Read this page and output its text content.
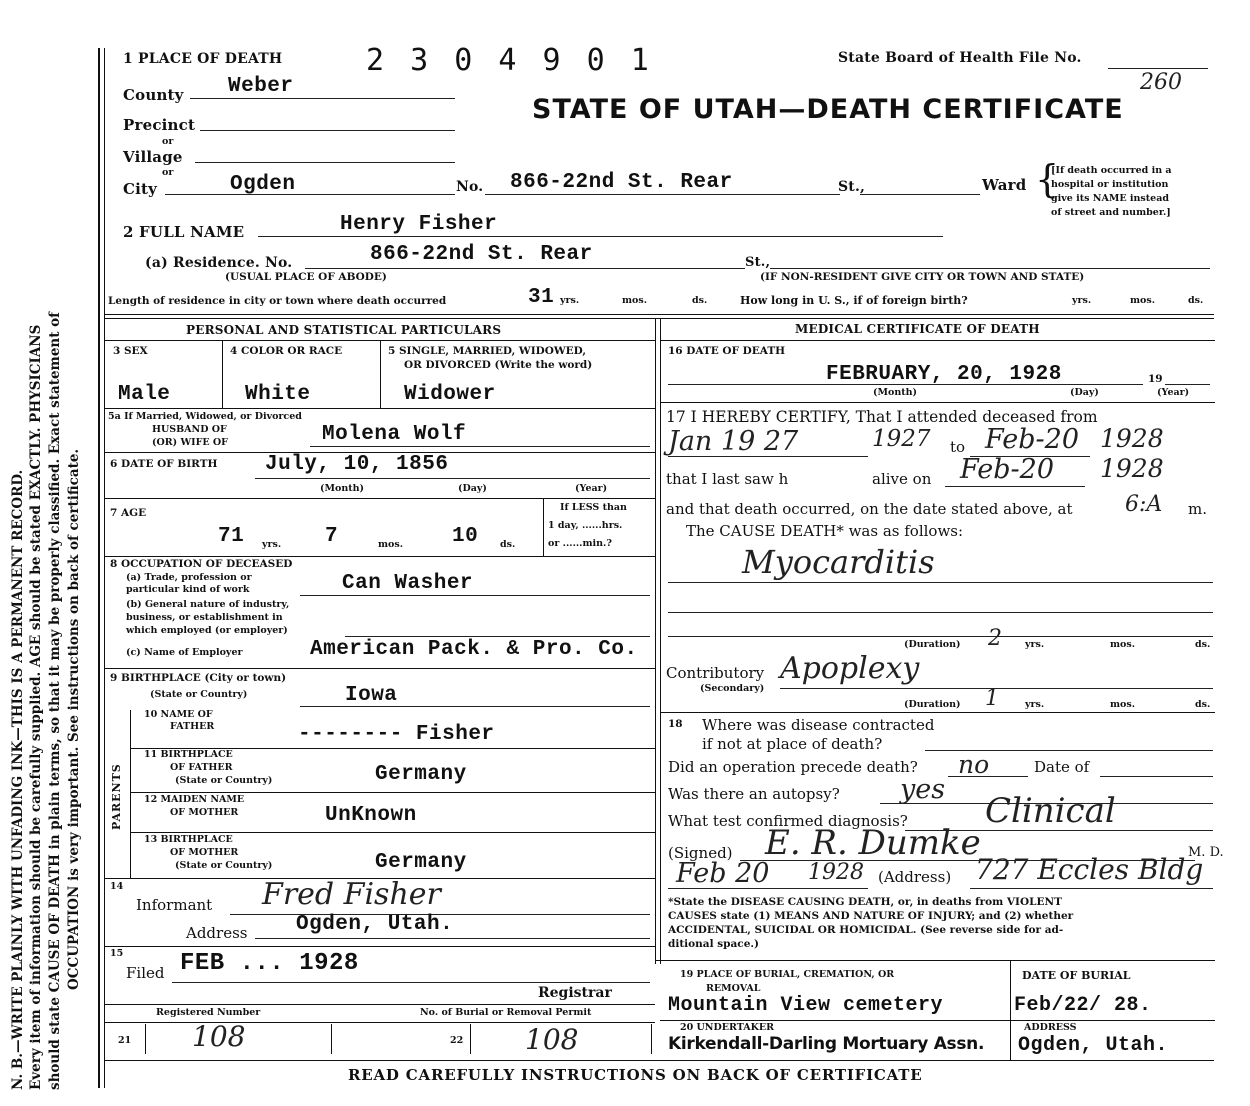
N. B.—WRITE PLAINLY WITH UNFADING INK—THIS IS A PERMANENT RECORD. Every item of information should be carefully supplied. AGE should be stated EXACTLY. PHYSICIANS should state CAUSE OF DEATH in plain terms, so that it may be properly classified. Exact statement of OCCUPATION is very important. See instructions on back of certificate.
1 PLACE OF DEATH	2 3 0 4 9 0 1	State Board of Health File No.
260
STATE OF UTAH—DEATH CERTIFICATE
County Weber
Precinct
or
Village
or
City	Ogden	No. 866-22nd St. Rear	St.,	Ward {
[If death occurred in a
hospital or institution
give its NAME instead
of street and number.]
2 FULL NAME	Henry Fisher
(a) Residence. No.	866-22nd St. Rear	St.,
(USUAL PLACE OF ABODE)	(IF NON-RESIDENT GIVE CITY OR TOWN AND STATE)
Length of residence in city or town where death occurred	31 yrs.	mos.	ds.	How long in U. S., if of foreign birth?	yrs.	mos.	ds.
PERSONAL AND STATISTICAL PARTICULARS	MEDICAL CERTIFICATE OF DEATH
3 SEX	4 COLOR OR RACE	5 SINGLE, MARRIED, WIDOWED,
OR DIVORCED (Write the word)
Male	White	Widower
5a If Married, Widowed, or Divorced
HUSBAND OF
(OR) WIFE OF	Molena Wolf
6 DATE OF BIRTH July, 10, 1856
(Month)	(Day)	(Year)
7 AGE
71 yrs. 7	mos. 10 ds.
If LESS than
1 day, ......hrs.
or ......min.?
8 OCCUPATION OF DECEASED
(a) Trade, profession or
particular kind of work	Can Washer
(b) General nature of industry,
business, or establishment in
which employed (or employer)
(c) Name of Employer	American Pack. & Pro. Co.
9 BIRTHPLACE (City or town)
(State or Country)	Iowa
PARENTS
10 NAME OF
FATHER	-------- Fisher
11 BIRTHPLACE
OF FATHER
(State or Country)	Germany
12 MAIDEN NAME
OF MOTHER	UnKnown
13 BIRTHPLACE
OF MOTHER
(State or Country)	Germany
14
Informant Fred Fisher
Address Ogden, Utah.
15
Filed FEB ... 1928
Registrar
Registered Number	No. of Burial or Removal Permit
21 108	22 108
16 DATE OF DEATH
FEBRUARY, 20, 1928	19
(Month)	(Day)	(Year)
17 I HEREBY CERTIFY, That I attended deceased from
Jan 19 27	1927 to Feb-20 1928
that I last saw h	alive on Feb-20 1928
and that death occurred, on the date stated above, at 6:A m.
The CAUSE DEATH* was as follows:
Myocarditis
(Duration) 2 yrs.	mos.	ds.
Contributory
(Secondary)
Apoplexy
(Duration) 1	yrs.	mos.	ds.
18 Where was disease contracted
if not at place of death?
Did an operation precede death? no	Date of
Was there an autopsy? yes
What test confirmed diagnosis? Clinical
(Signed) E. R. Dumke	M. D.
Feb 20 1928 (Address) 727 Eccles Bldg
*State the DISEASE CAUSING DEATH, or, in deaths from VIOLENT
CAUSES state (1) MEANS AND NATURE OF INJURY; and (2) whether
ACCIDENTAL, SUICIDAL OR HOMICIDAL. (See reverse side for ad-
ditional space.)
19 PLACE OF BURIAL, CREMATION, OR
REMOVAL
DATE OF BURIAL
Mountain View cemetery	Feb/22/ 28.
20 UNDERTAKER	ADDRESS
Kirkendall-Darling Mortuary Assn. Ogden, Utah.
READ CAREFULLY INSTRUCTIONS ON BACK OF CERTIFICATE
